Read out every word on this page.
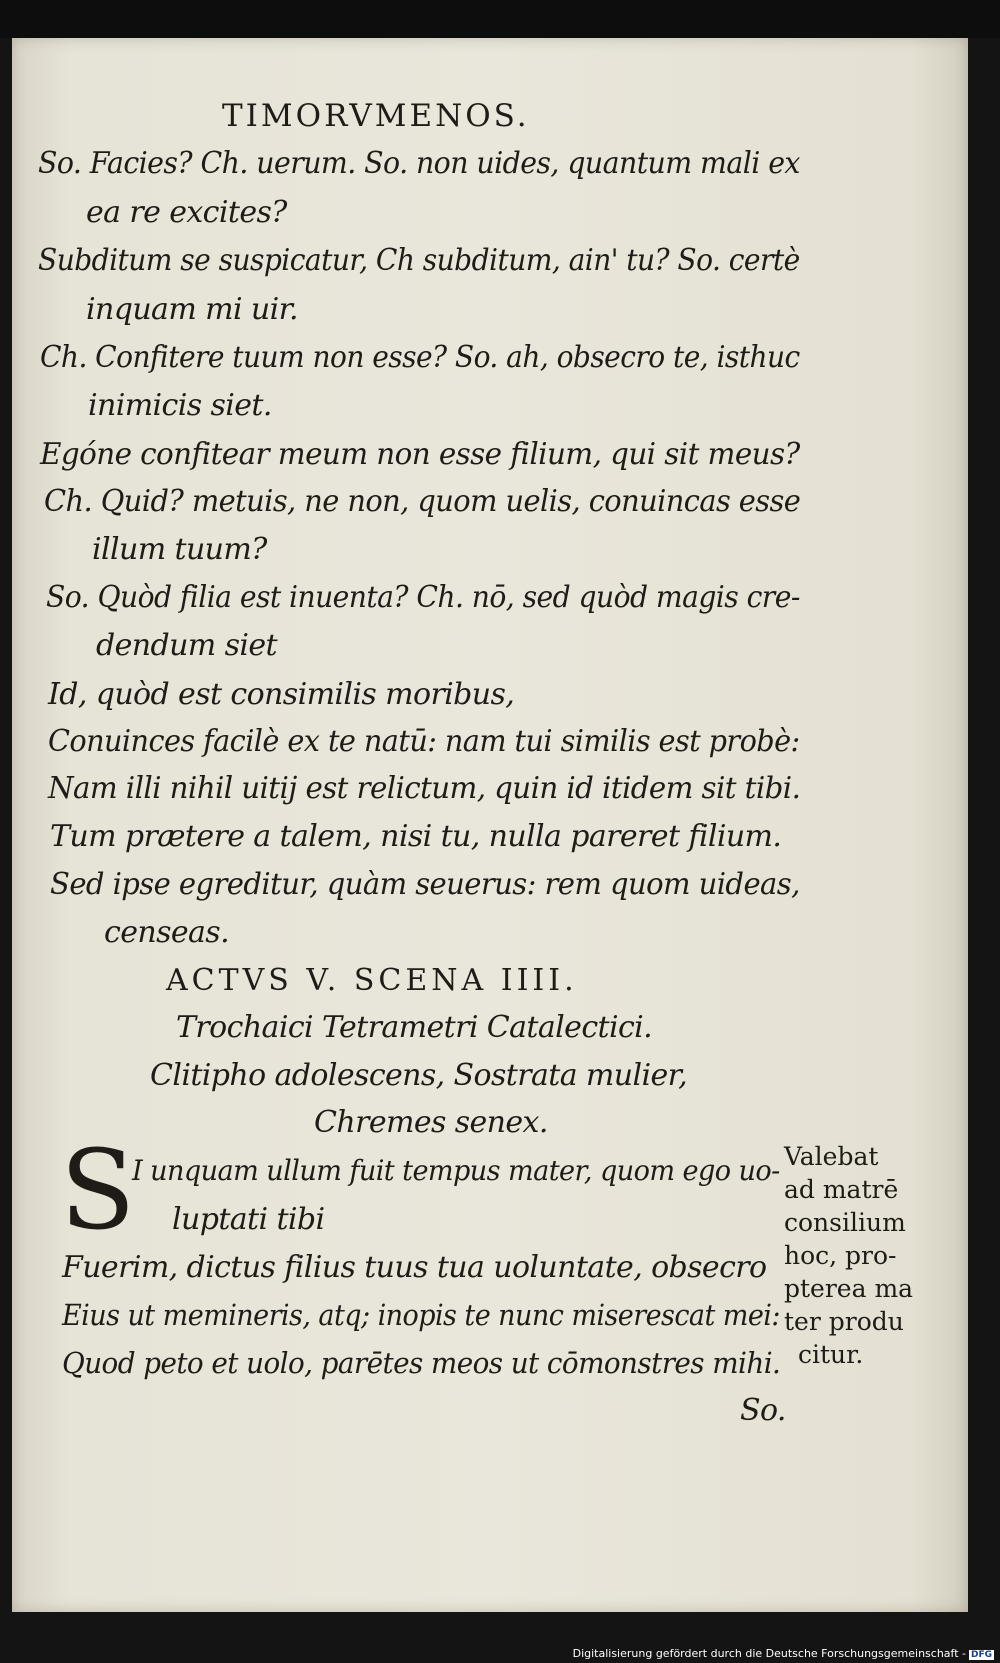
TIMORVMENOS.
So. Facies? Ch. uerum. So. non uides, quantum mali ex
ea re excites?
Subditum se suspicatur, Ch subditum, ain' tu? So. certè
inquam mi uir.
Ch. Confitere tuum non esse? So. ah, obsecro te, isthuc
inimicis siet.
Egóne confitear meum non esse filium, qui sit meus?
Ch. Quid? metuis, ne non, quom uelis, conuincas esse
illum tuum?
So. Quòd filia est inuenta? Ch. nō, sed quòd magis cre-
dendum siet
Id, quòd est consimilis moribus,
Conuinces facilè ex te natū: nam tui similis est probè:
Nam illi nihil uitij est relictum, quin id itidem sit tibi.
Tum prætere a talem, nisi tu, nulla pareret filium.
Sed ipse egreditur, quàm seuerus: rem quom uideas,
censeas.
ACTVS V. SCENA IIII.
Trochaici Tetrametri Catalectici.
Clitipho adolescens, Sostrata mulier,
Chremes senex.
S
I unquam ullum fuit tempus mater, quom ego uo-
luptati tibi
Fuerim, dictus filius tuus tua uoluntate, obsecro
Eius ut memineris, atq; inopis te nunc miserescat mei:
Quod peto et uolo, parētes meos ut cōmonstres mihi.
So.
Valebat
ad matrē
consilium
hoc, pro-
pterea ma
ter produ
citur.
Digitalisierung gefördert durch die Deutsche Forschungsgemeinschaft - DFG
